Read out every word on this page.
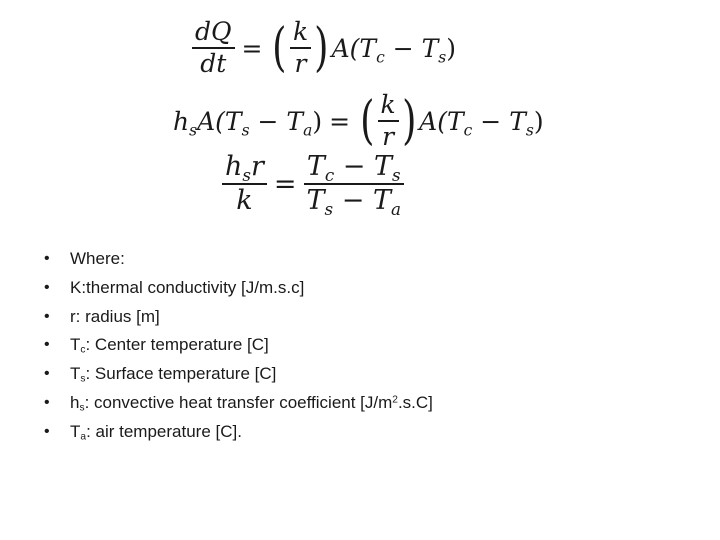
$\frac{dQ}{dt}$ = ( $\frac{k}{r}$ ) $A(T_c - T_s)$
$h_sA(T_s - T_a)$ = ( $\frac{k}{r}$ ) $A(T_c - T_s)$
$\frac{h_sr}{k} = \frac{T_c - T_s}{T_s - T_a}$
•	Where:
•	K:thermal conductivity [J/m.s.c]
•	r: radius [m]
•	$T_c$: Center temperature [C]
•	$T_s$: Surface temperature [C]
•	$h_s$: convective heat transfer coefficient $[J/m^2.s.C]$
•	$T_a$: air temperature [C].
